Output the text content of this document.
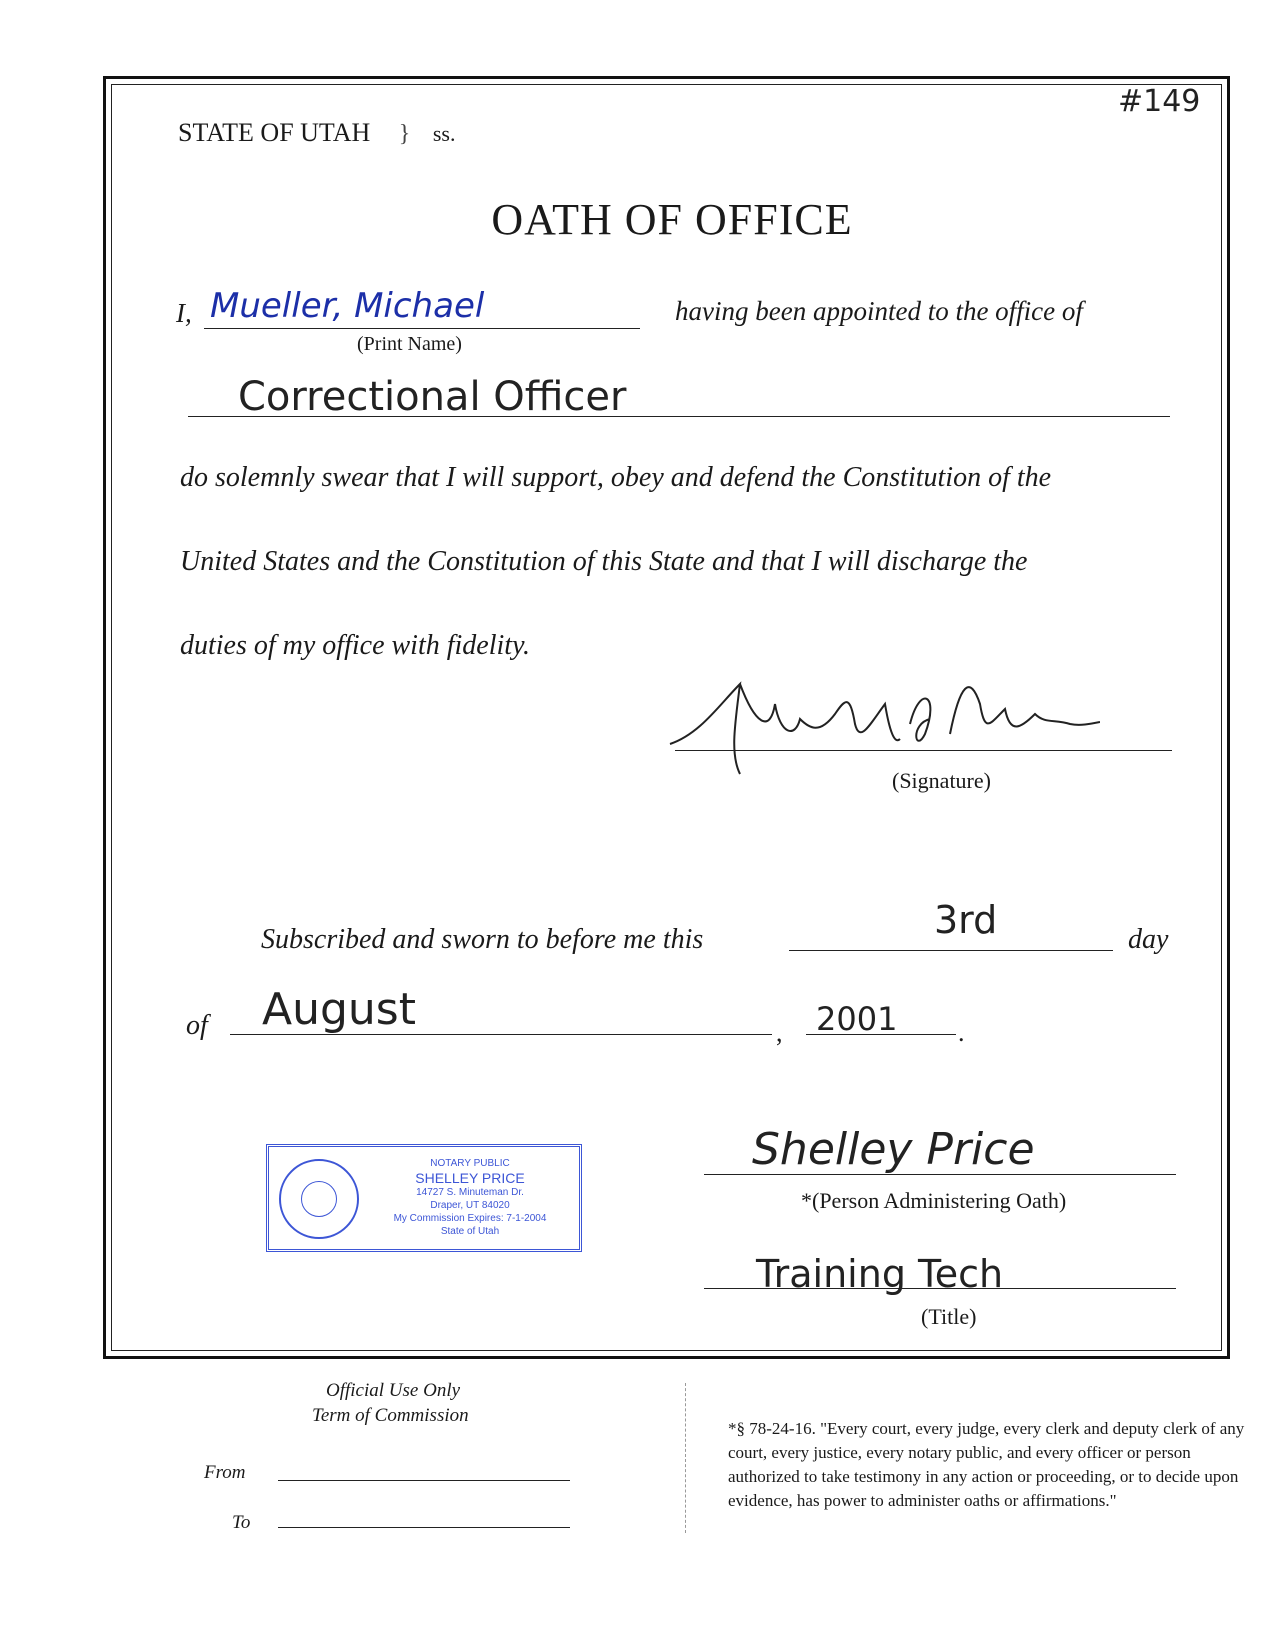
#149
STATE OF UTAH } ss.
OATH OF OFFICE
I, Mueller, Michael
(Print Name)
having been appointed to the office of
Correctional Officer
do solemnly swear that I will support, obey and defend the Constitution of the
United States and the Constitution of this State and that I will discharge the
duties of my office with fidelity.
(Signature)
Subscribed and sworn to before me this	3rd	day
of August	, 2001 .
NOTARY PUBLIC
SHELLEY PRICE
14727 S. Minuteman Dr.
Draper, UT 84020
My Commission Expires: 7-1-2004
State of Utah
Shelley Price
*(Person Administering Oath)
Training Tech
(Title)
Official Use Only
Term of Commission
From
To
*§ 78-24-16. "Every court, every judge, every clerk and deputy clerk of any court, every justice, every notary public, and every officer or person authorized to take testimony in any action or proceeding, or to decide upon evidence, has power to administer oaths or affirmations."
